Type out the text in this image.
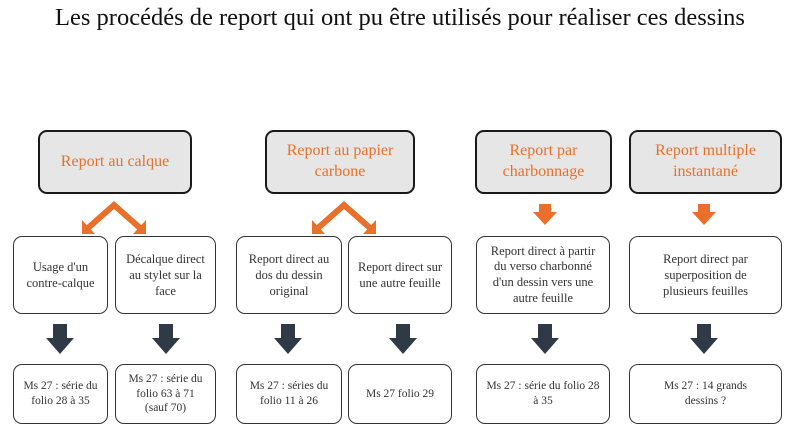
Les procédés de report qui ont pu être utilisés pour réaliser ces dessins
Report au calque
Usage d'un contre-calque
Décalque direct au stylet sur la face
Ms 27 : série du folio 28 à 35
Ms 27 : série du folio 63 à 71 (sauf 70)
Report au papier carbone
Report direct au dos du dessin original
Report direct sur une autre feuille
Ms 27 : séries du folio 11 à 26
Ms 27 folio 29
Report par charbonnage
Report direct à partir du verso charbonné d'un dessin vers une autre feuille
Ms 27 : série du folio 28 à 35
Report multiple instantané
Report direct par superposition de plusieurs feuilles
Ms 27 : 14 grands dessins ?
